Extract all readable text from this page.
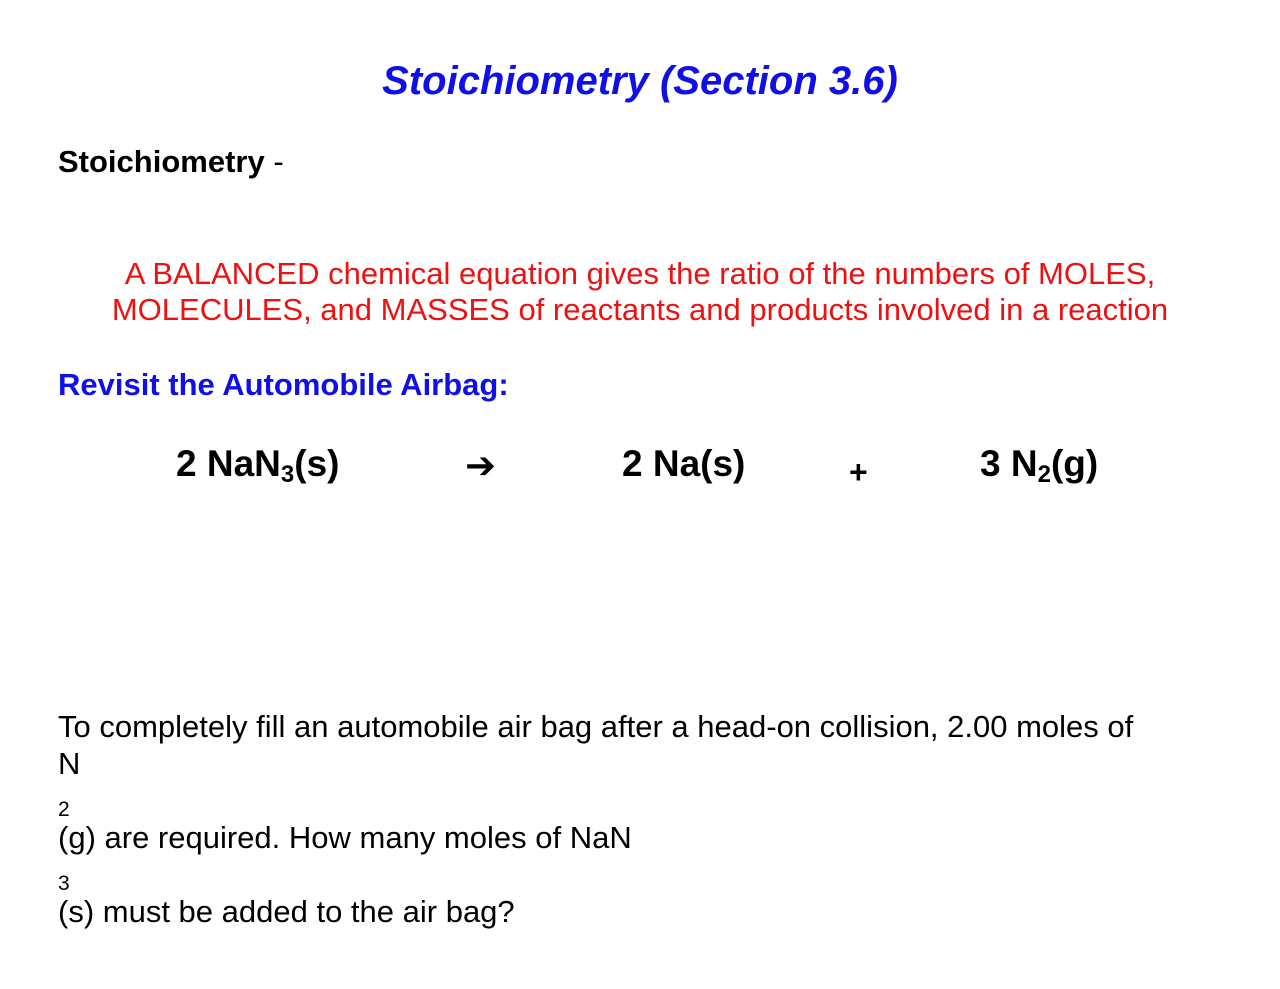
Stoichiometry (Section 3.6)
Stoichiometry -
A BALANCED chemical equation gives the ratio of the numbers of MOLES,
MOLECULES, and MASSES of reactants and products involved in a reaction
Revisit the Automobile Airbag:
2 NaN$_3$(s)	➔	2 Na(s)	+	3 $N_2(g)$
To completely fill an automobile air bag after a head-on collision, 2.00 moles of
N
$_2$
(g) are required. How many moles of NaN
$_3$
(s) must be added to the air bag?
